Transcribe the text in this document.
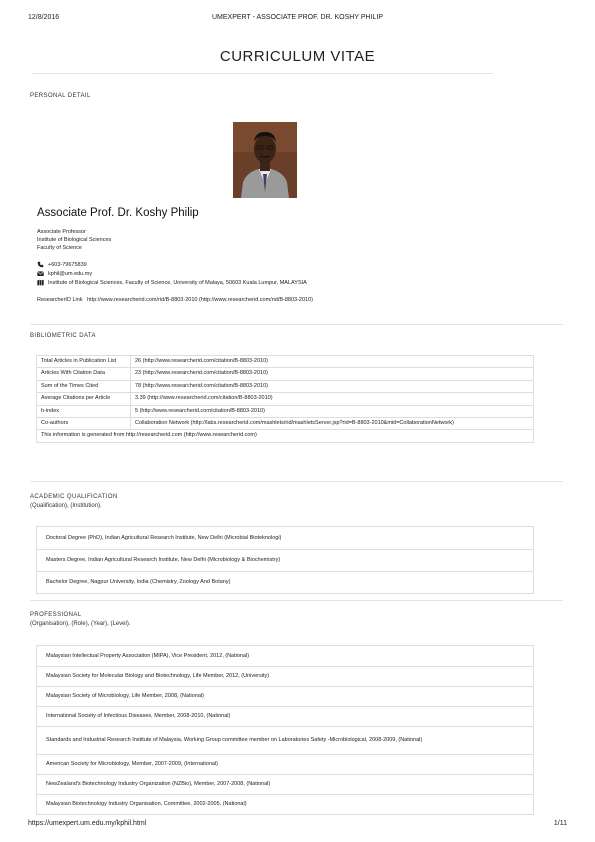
12/8/2016	UMEXPERT - ASSOCIATE PROF. DR. KOSHY PHILIP
CURRICULUM VITAE
PERSONAL DETAIL
Associate Prof. Dr. Koshy Philip
Associate Professor
Institute of Biological Sciences
Faculty of Science
+603-79675839
kphil@um.edu.my
Institute of Biological Sciences, Faculty of Science, University of Malaya, 50603 Kuala Lumpur, MALAYSIA
ResearcherID Link http://www.researcherid.com/rid/B-8803-2010 (http://www.researcherid.com/rid/B-8803-2010)
BIBLIOMETRIC DATA
Total Articles in Publication List	26 (http://www.researcherid.com/citation/B-8803-2010)
Articles With Citation Data	23 (http://www.researcherid.com/citation/B-8803-2010)
Sum of the Times Cited	78 (http://www.researcherid.com/citation/B-8803-2010)
Average Citations per Article	3.39 (http://www.researcherid.com/citation/B-8803-2010)
h-index	5 (http://www.researcherid.com/citation/B-8803-2010)
Co-authors	Collaboration Network (http://labs.researcherid.com/mashlets/rid/mashletsServer.jsp?rid=B-8803-2010&mid=CollaborationNetwork)
This information is generated from http://researcherid.com (http://www.researcherid.com)	
ACADEMIC QUALIFICATION
(Qualification), (Institution).
Doctoral Degree (PhD), Indian Agricultural Research Institute, New Delhi (Microbial Bioteknologi)
Masters Degree, Indian Agricultural Research Institute, New Delhi (Microbiology & Biochemistry)
Bachelor Degree, Nagpur University, India (Chemistry, Zoology And Botany)
PROFESSIONAL
(Organisation), (Role), (Year), (Level).
Malaysian Intellectual Property Association (MIPA), Vice President, 2012, (National)
Malaysian Society for Molecular Biology and Biotechnology, Life Member, 2012, (University)
Malaysian Society of Microbiology, Life Member, 2008, (National)
International Society of Infectious Diseases, Member, 2008-2010, (National)
Standards and Industrial Research Institute of Malaysia, Working Group committee member on Laboratories Safety -Microbiological, 2008-2009, (National)
American Society for Microbiology, Member, 2007-2009, (International)
NewZealand's Biotechnology Industry Organization (NZBio), Member, 2007-2008, (National)
Malaysian Biotechnology Industry Organisation, Committee, 2002-2005, (National)
https://umexpert.um.edu.my/kphil.html	1/11
